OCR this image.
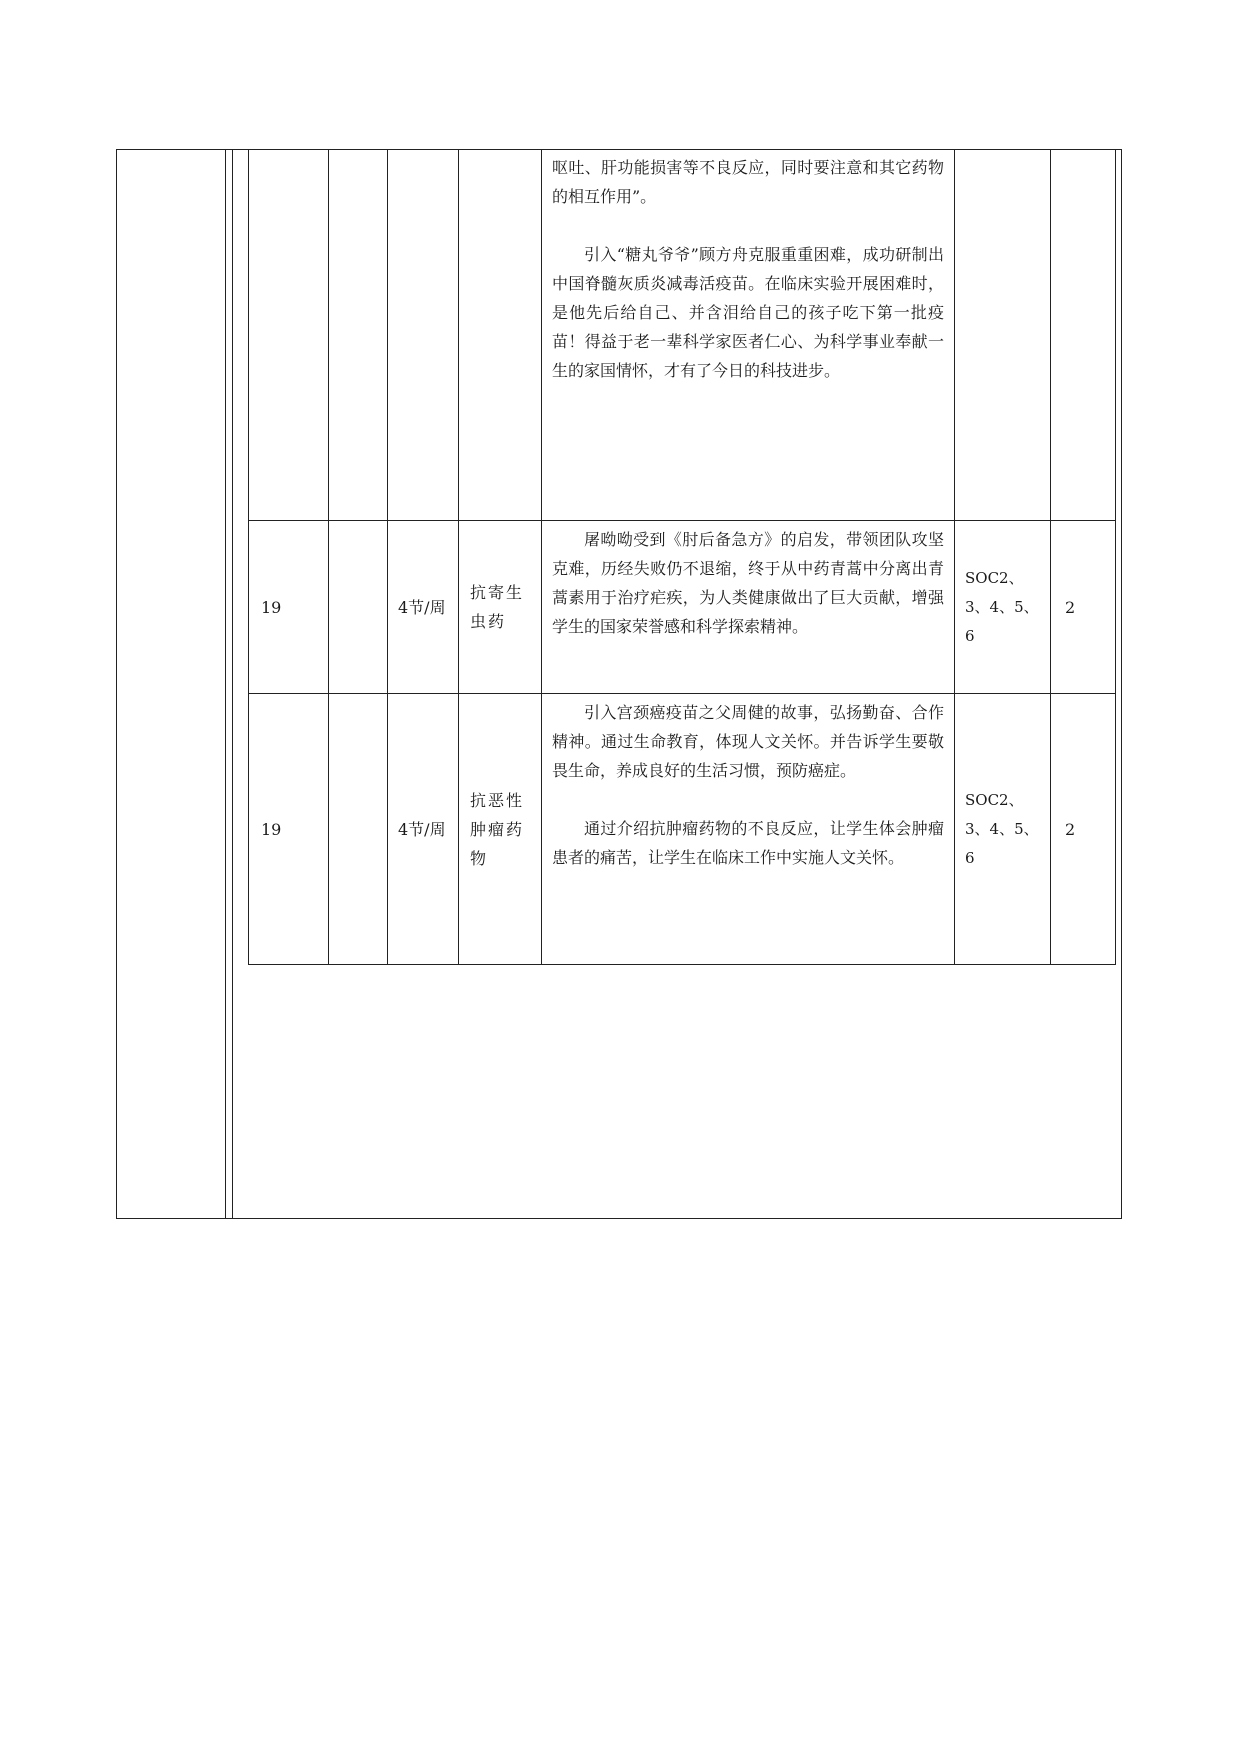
				呕吐、肝功能损害等不良反应，同时要注意和其它药物的相互作用”。

引入“糖丸爷爷”顾方舟克服重重困难，成功研制出中国脊髓灰质炎减毒活疫苗。在临床实验开展困难时，是他先后给自己、并含泪给自己的孩子吃下第一批疫苗！得益于老一辈科学家医者仁心、为科学事业奉献一生的家国情怀，才有了今日的科技进步。		

19		4节/周	抗寄生虫药	屠呦呦受到《肘后备急方》的启发，带领团队攻坚克难，历经失败仍不退缩，终于从中药青蒿中分离出青蒿素用于治疗疟疾，为人类健康做出了巨大贡献，增强学生的国家荣誉感和科学探索精神。	SOC2、3、4、5、6	2
19		4节/周	抗恶性肿瘤药物	引入宫颈癌疫苗之父周健的故事，弘扬勤奋、合作精神。通过生命教育，体现人文关怀。并告诉学生要敬畏生命，养成良好的生活习惯，预防癌症。

通过介绍抗肿瘤药物的不良反应，让学生体会肿瘤患者的痛苦，让学生在临床工作中实施人文关怀。	SOC2、3、4、5、6	2
